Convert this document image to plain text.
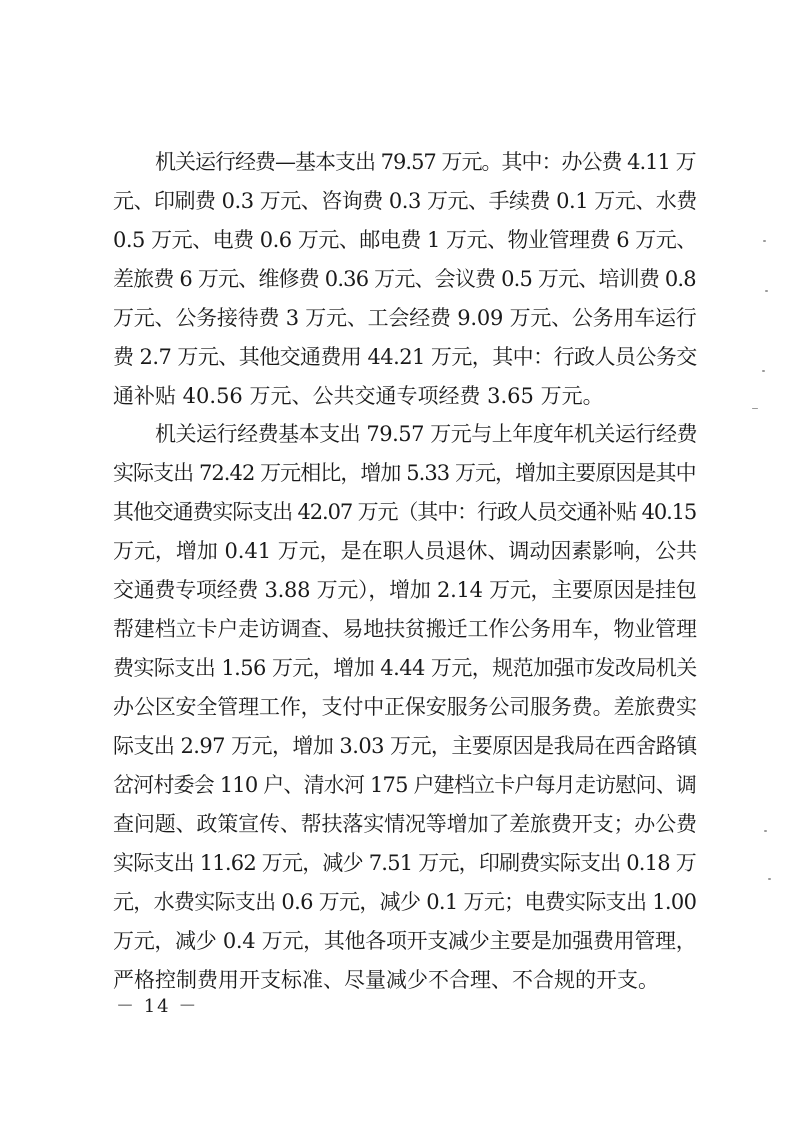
机关运行经费—基本支出 79.57 万元。其中：办公费 4.11 万
元、印刷费 0.3 万元、咨询费 0.3 万元、手续费 0.1 万元、水费
0.5 万元、电费 0.6 万元、邮电费 1 万元、物业管理费 6 万元、
差旅费 6 万元、维修费 0.36 万元、会议费 0.5 万元、培训费 0.8
万元、公务接待费 3 万元、工会经费 9.09 万元、公务用车运行
费 2.7 万元、其他交通费用 44.21 万元，其中：行政人员公务交
通补贴 40.56 万元、公共交通专项经费 3.65 万元。
机关运行经费基本支出 79.57 万元与上年度年机关运行经费
实际支出 72.42 万元相比，增加 5.33 万元，增加主要原因是其中
其他交通费实际支出 42.07 万元（其中：行政人员交通补贴 40.15
万元，增加 0.41 万元，是在职人员退休、调动因素影响，公共
交通费专项经费 3.88 万元），增加 2.14 万元，主要原因是挂包
帮建档立卡户走访调查、易地扶贫搬迁工作公务用车，物业管理
费实际支出 1.56 万元，增加 4.44 万元，规范加强市发改局机关
办公区安全管理工作，支付中正保安服务公司服务费。差旅费实
际支出 2.97 万元，增加 3.03 万元，主要原因是我局在西舍路镇
岔河村委会 110 户、清水河 175 户建档立卡户每月走访慰问、调
查问题、政策宣传、帮扶落实情况等增加了差旅费开支；办公费
实际支出 11.62 万元，减少 7.51 万元，印刷费实际支出 0.18 万
元，水费实际支出 0.6 万元，减少 0.1 万元；电费实际支出 1.00
万元，减少 0.4 万元，其他各项开支减少主要是加强费用管理，
严格控制费用开支标准、尽量减少不合理、不合规的开支。
－ 14 －
